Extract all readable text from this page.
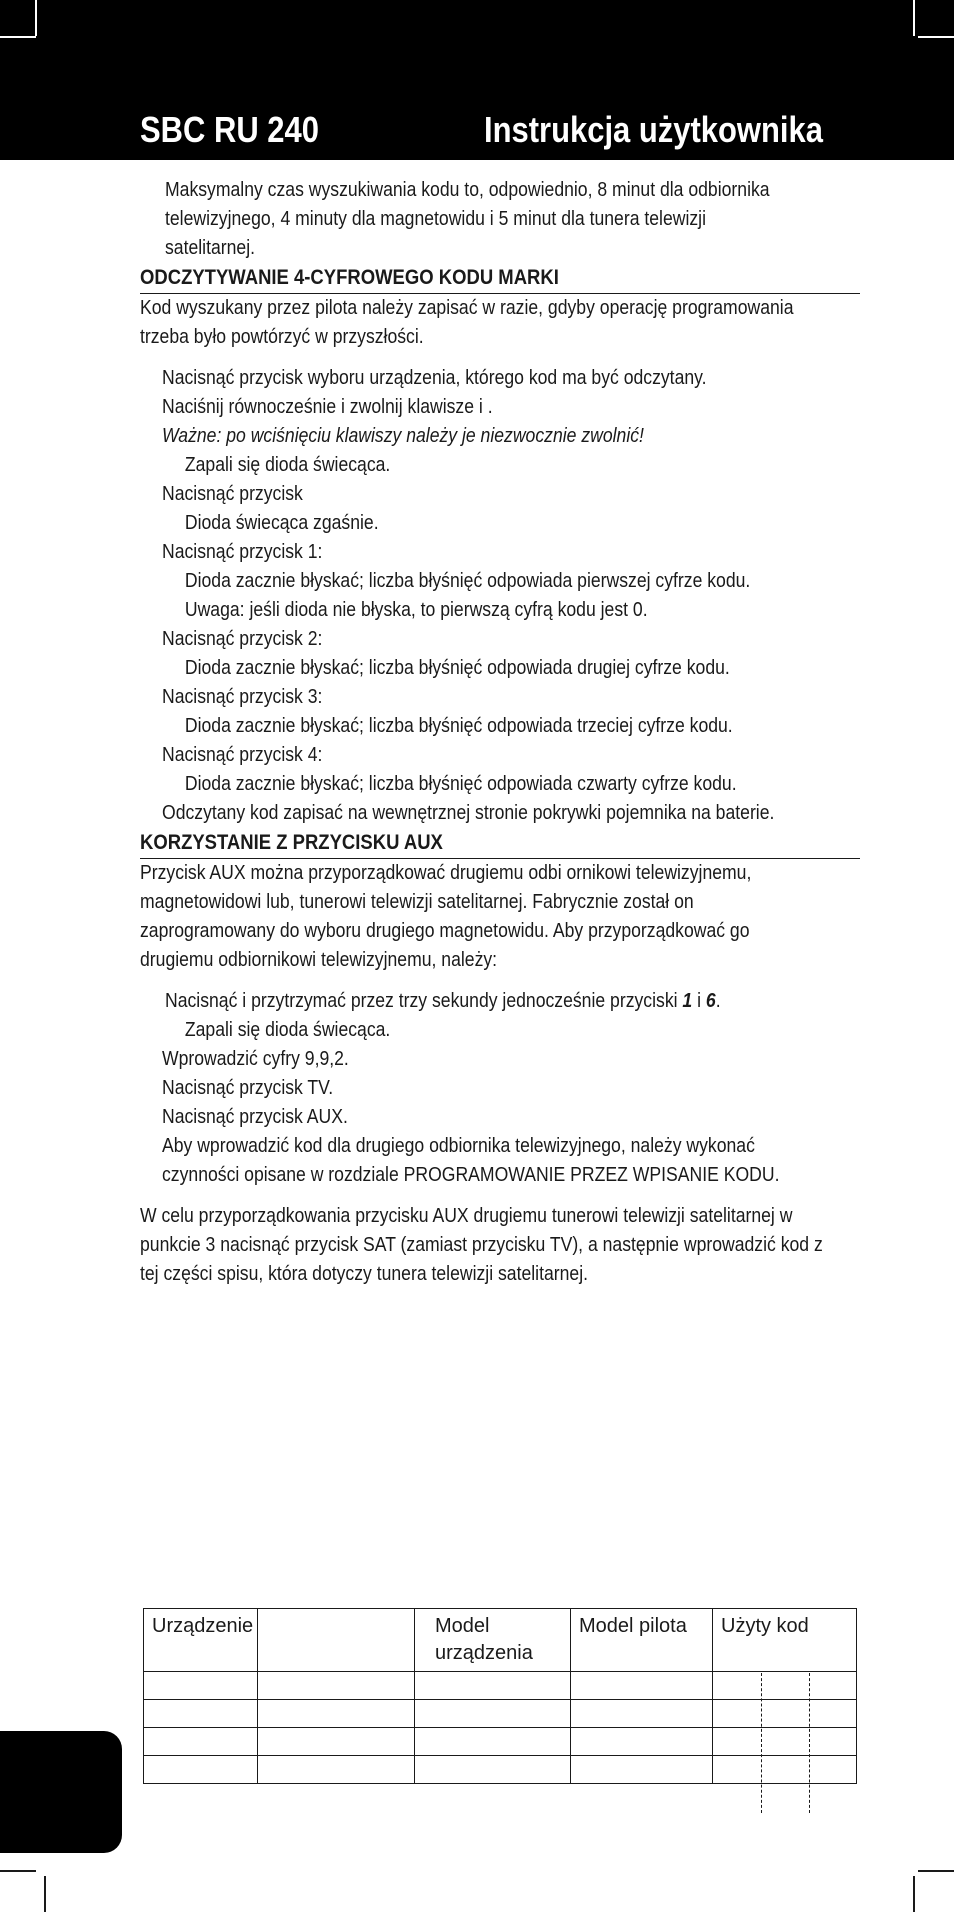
SBC RU 240	Instrukcja użytkownika
Maksymalny czas wyszukiwania kodu to, odpowiednio, 8 minut dla odbiornika
telewizyjnego, 4 minuty dla magnetowidu i 5 minut dla tunera telewizji
satelitarnej.
ODCZYTYWANIE 4-CYFROWEGO KODU MARKI
Kod wyszukany przez pilota należy zapisać w razie, gdyby operację programowania
trzeba było powtórzyć w przyszłości.
Nacisnąć przycisk wyboru urządzenia, którego kod ma być odczytany.
Naciśnij równocześnie i zwolnij klawisze i .
Ważne: po wciśnięciu klawiszy należy je niezwocznie zwolnić!
Zapali się dioda świecąca.
Nacisnąć przycisk
Dioda świecąca zgaśnie.
Nacisnąć przycisk 1:
Dioda zacznie błyskać; liczba błyśnięć odpowiada pierwszej cyfrze kodu.
Uwaga: jeśli dioda nie błyska, to pierwszą cyfrą kodu jest 0.
Nacisnąć przycisk 2:
Dioda zacznie błyskać; liczba błyśnięć odpowiada drugiej cyfrze kodu.
Nacisnąć przycisk 3:
Dioda zacznie błyskać; liczba błyśnięć odpowiada trzeciej cyfrze kodu.
Nacisnąć przycisk 4:
Dioda zacznie błyskać; liczba błyśnięć odpowiada czwarty cyfrze kodu.
Odczytany kod zapisać na wewnętrznej stronie pokrywki pojemnika na baterie.
KORZYSTANIE Z PRZYCISKU AUX
Przycisk AUX można przyporządkować drugiemu odbi ornikowi telewizyjnemu,
magnetowidowi lub, tunerowi telewizji satelitarnej. Fabrycznie został on
zaprogramowany do wyboru drugiego magnetowidu. Aby przyporządkować go
drugiemu odbiornikowi telewizyjnemu, należy:
Nacisnąć i przytrzymać przez trzy sekundy jednocześnie przyciski 1 i 6.
Zapali się dioda świecąca.
Wprowadzić cyfry 9,9,2.
Nacisnąć przycisk TV.
Nacisnąć przycisk AUX.
Aby wprowadzić kod dla drugiego odbiornika telewizyjnego, należy wykonać
czynności opisane w rozdziale PROGRAMOWANIE PRZEZ WPISANIE KODU.
W celu przyporządkowania przycisku AUX drugiemu tunerowi telewizji satelitarnej w
punkcie 3 nacisnąć przycisk SAT (zamiast przycisku TV), a następnie wprowadzić kod z
tej części spisu, która dotyczy tunera telewizji satelitarnej.
Urządzenie		Model urządzenia	Model pilota	Użyty kod
